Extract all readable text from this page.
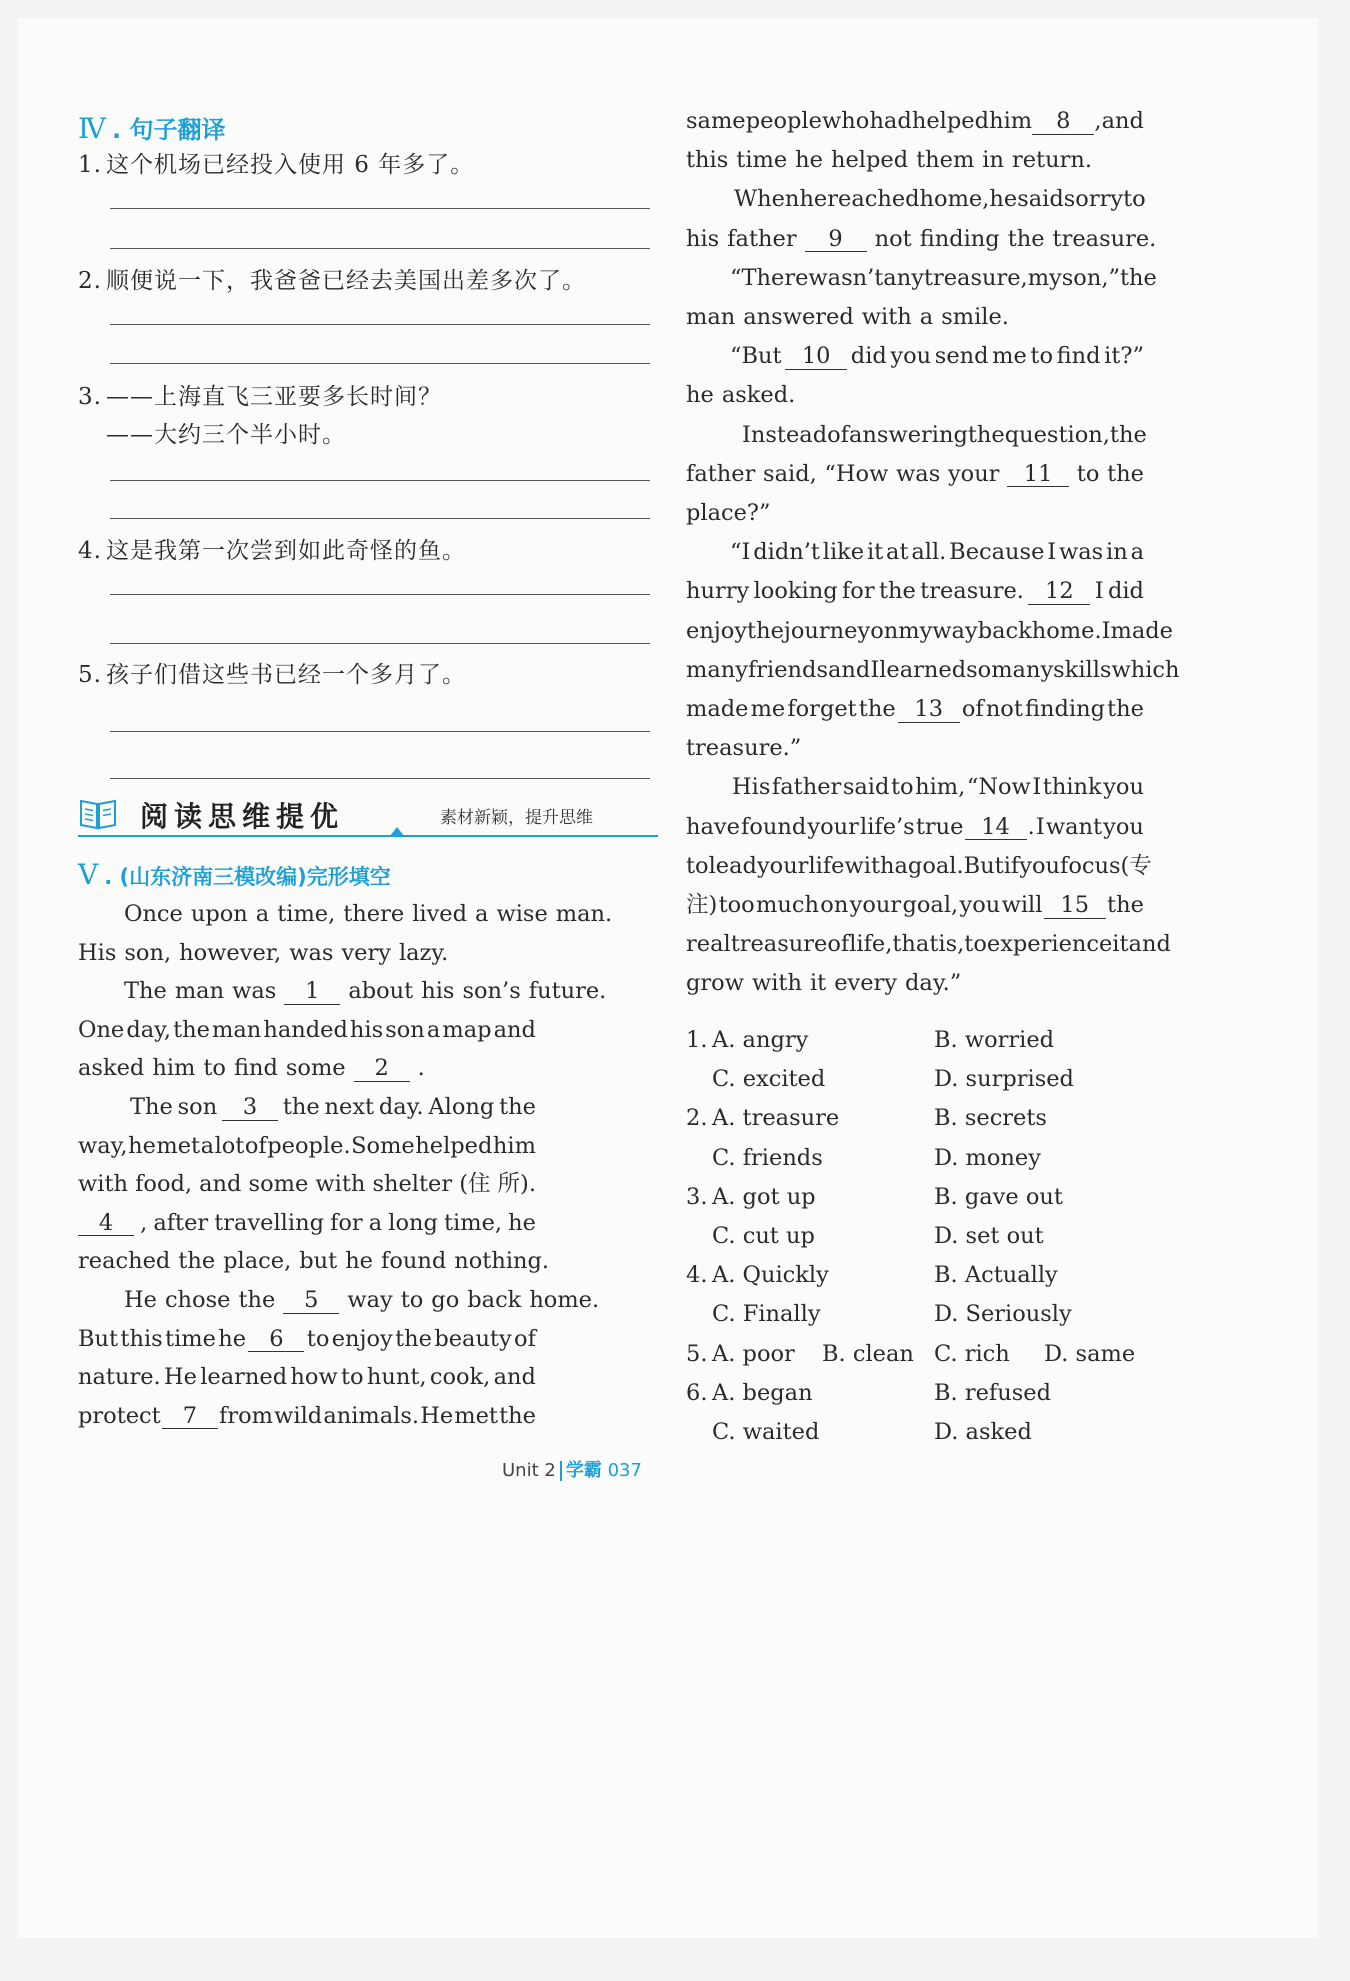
Ⅳ . 句子翻译
1. 这个机场已经投入使用 6 年多了。
2. 顺便说一下，我爸爸已经去美国出差多次了。
3. ——上海直飞三亚要多长时间？
——大约三个半小时。
4. 这是我第一次尝到如此奇怪的鱼。
5. 孩子们借这些书已经一个多月了。
阅读思维提优	素材新颖，提升思维
Ⅴ . (山东济南三模改编)完形填空
Once upon a time, there lived a wise man.
His son, however, was very lazy.
The man was 1 about his son’s future.
One day, the man handed his son a map and
asked him to find some 2 .
The son	3	the next day. Along the
way, he met a lot of people. Some helped him
with food, and some with shelter (住 所).
4	, after travelling for a long time, he
reached the place, but he found nothing.
He chose the 5 way to go back home.
But this time he	6	to enjoy the beauty of
nature. He learned how to hunt, cook, and
protect 7 from wild animals. He met the
same people who had helped him	8	, and
this time he helped them in return.
When he reached home, he said sorry to
his father 9 not finding the treasure.
“There wasn’t any treasure, my son,” the
man answered with a smile.
“But 10 did you send me to find it?”
he asked.
Instead of answering the question, the
father said, “How was your	11	to the
place?”
“I didn’t like it at all. Because I was in a
hurry looking for the treasure. 12 I did
enjoy the journey on my way back home. I made
many friends and I learned so many skills which
made me forget the 13 of not finding the
treasure.”
His father said to him, “Now I think you
have found your life’s true 14 . I want you
to lead your life with a goal. But if you focus(专
注) too much on your goal, you will 15 the
real treasure of life, that is, to experience it and
grow with it every day.”
1. A. angry	B. worried
C. excited	D. surprised
2. A. treasure	B. secrets
C. friends	D. money
3. A. got up	B. gave out
C. cut up	D. set out
4. A. Quickly	B. Actually
C. Finally	D. Seriously
5. A. poor B. clean C. rich D. same
6. A. began	B. refused
C. waited	D. asked
Unit 2 学霸 037
